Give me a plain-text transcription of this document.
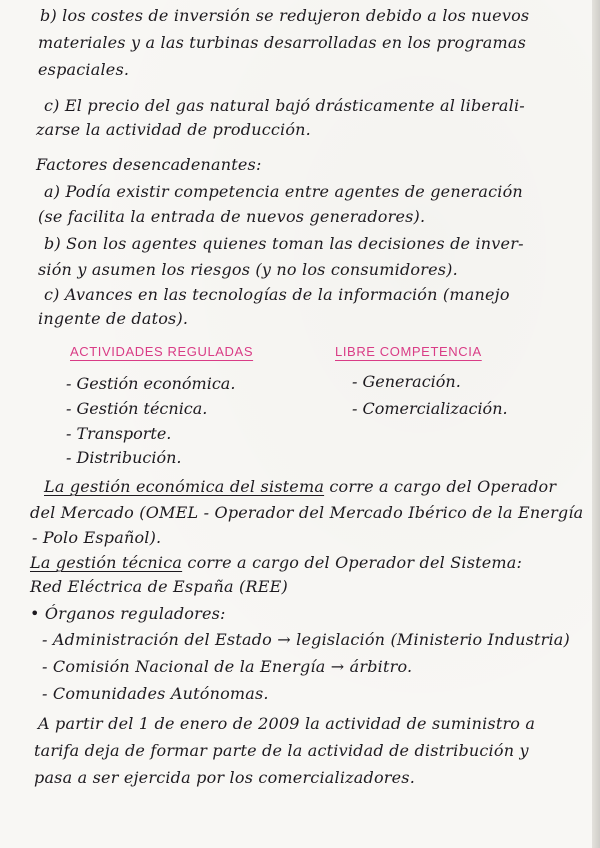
b) los costes de inversión se redujeron debido a los nuevos
materiales y a las turbinas desarrolladas en los programas
espaciales.
c) El precio del gas natural bajó drásticamente al liberali-
zarse la actividad de producción.
Factores desencadenantes:
a) Podía existir competencia entre agentes de generación
(se facilita la entrada de nuevos generadores).
b) Son los agentes quienes toman las decisiones de inver-
sión y asumen los riesgos (y no los consumidores).
c) Avances en las tecnologías de la información (manejo
ingente de datos).
ACTIVIDADES REGULADAS	LIBRE COMPETENCIA
- Gestión económica.
- Gestión técnica.
- Transporte.
- Distribución.
- Generación.
- Comercialización.
La gestión económica del sistema corre a cargo del Operador
del Mercado (OMEL - Operador del Mercado Ibérico de la Energía
- Polo Español).
La gestión técnica corre a cargo del Operador del Sistema:
Red Eléctrica de España (REE)
• Órganos reguladores:
- Administración del Estado → legislación (Ministerio Industria)
- Comisión Nacional de la Energía → árbitro.
- Comunidades Autónomas.
A partir del 1 de enero de 2009 la actividad de suministro a
tarifa deja de formar parte de la actividad de distribución y
pasa a ser ejercida por los comercializadores.
